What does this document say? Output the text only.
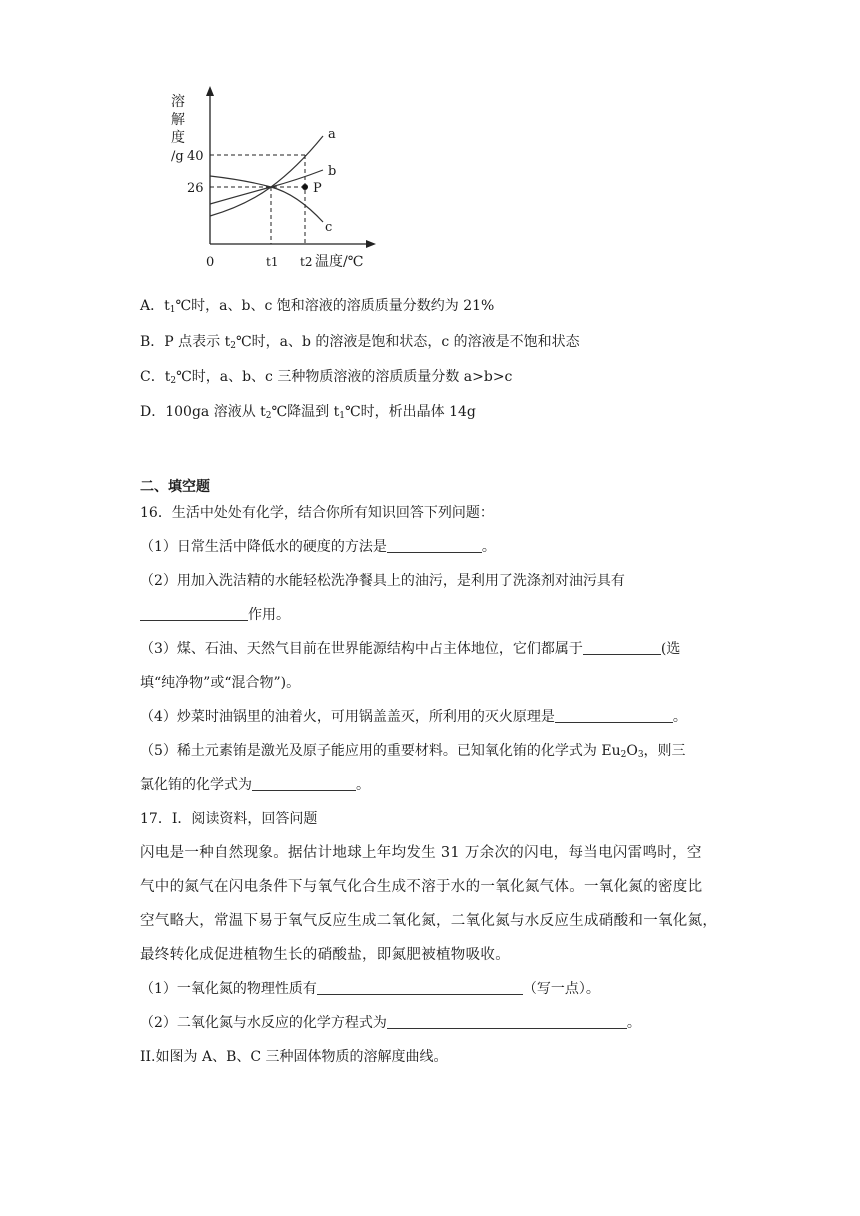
溶
解
度
/g 40
26
0	t1 t2 温度/℃
a
b
c
P
A．$t_1℃$时，a、b、c 饱和溶液的溶质质量分数约为 21%
B．P 点表示 $t_2℃$时，a、b 的溶液是饱和状态，c 的溶液是不饱和状态
C．$t_2℃$时，a、b、c 三种物质溶液的溶质质量分数 a>b>c
D．100ga 溶液从 $t_2℃$降温到 $t_1℃$时，析出晶体 14g
二、填空题
16．生活中处处有化学，结合你所有知识回答下列问题：
（1）日常生活中降低水的硬度的方法是	。
（2）用加入洗洁精的水能轻松洗净餐具上的油污，是利用了洗涤剂对油污具有
作用。
（3）煤、石油、天然气目前在世界能源结构中占主体地位，它们都属于	(选
填“纯净物”或“混合物”)。
（4）炒菜时油锅里的油着火，可用锅盖盖灭，所利用的灭火原理是	。
（5）稀土元素铕是激光及原子能应用的重要材料。已知氧化铕的化学式为 $Eu_2O_3$，则三
氯化铕的化学式为	。
17．I．阅读资料，回答问题
闪电是一种自然现象。据估计地球上年均发生 31 万余次的闪电，每当电闪雷鸣时，空
气中的氮气在闪电条件下与氧气化合生成不溶于水的一氧化氮气体。一氧化氮的密度比
空气略大，常温下易于氧气反应生成二氧化氮，二氧化氮与水反应生成硝酸和一氧化氮，
最终转化成促进植物生长的硝酸盐，即氮肥被植物吸收。
（1）一氧化氮的物理性质有	（写一点）。
（2）二氧化氮与水反应的化学方程式为	。
II.如图为 A、B、C 三种固体物质的溶解度曲线。
